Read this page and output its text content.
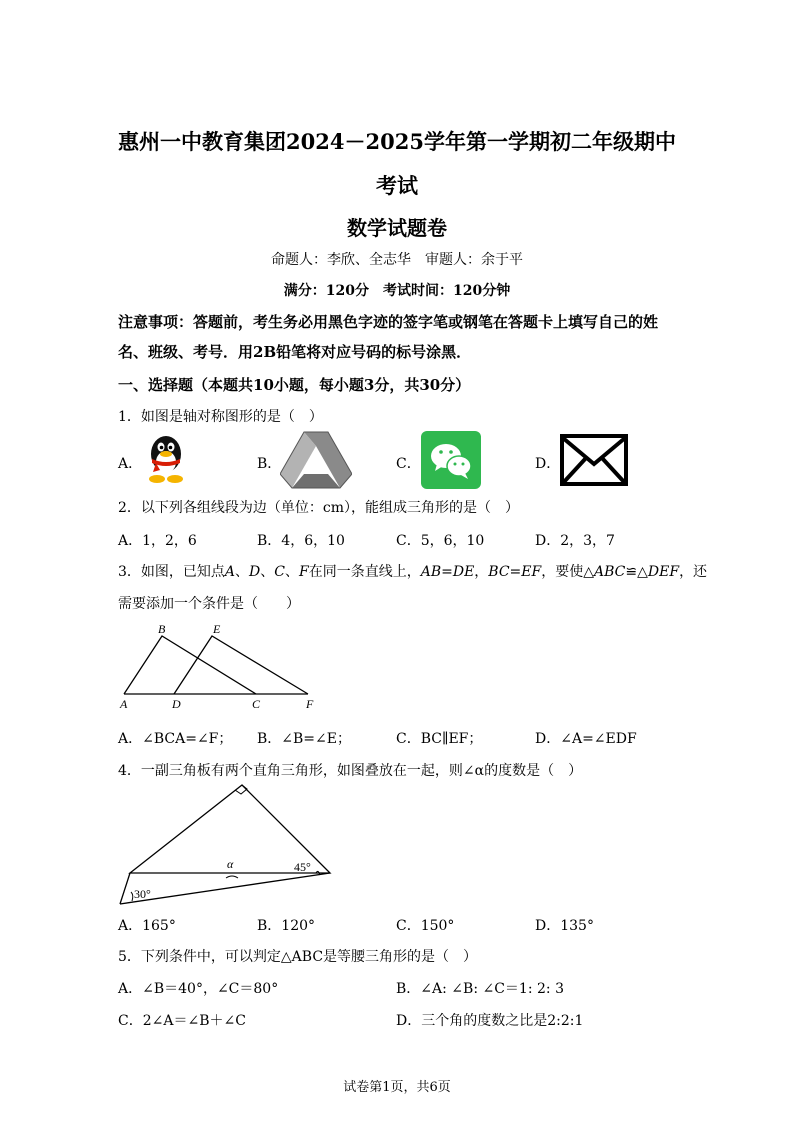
惠州一中教育集团2024－2025学年第一学期初二年级期中
考试
数学试题卷
命题人：李欣、全志华　审题人：余于平
满分：120分　考试时间：120分钟
注意事项：答题前，考生务必用黑色字迹的签字笔或钢笔在答题卡上填写自己的姓名、班级、考号．用2B铅笔将对应号码的标号涂黑．
一、选择题（本题共10小题，每小题3分，共30分）
1．如图是轴对称图形的是（　）
A．	B．	C．	D．
2．以下列各组线段为边（单位：cm），能组成三角形的是（　）
A．1，2，6	B．4，6，10	C．5，6，10	D．2，3，7
3．如图，已知点A、D、C、F在同一条直线上，AB=DE，BC=EF，要使△ABC≌△DEF，还
需要添加一个条件是（　　）
B	E
A	D	C	F
A．∠BCA=∠F； B．∠B=∠E；	C．BC∥EF；	D．∠A=∠EDF
4．一副三角板有两个直角三角形，如图叠放在一起，则∠α的度数是（　）
α	45°
30°
A．165°	B．120°	C．150°	D．135°
5．下列条件中，可以判定△ABC是等腰三角形的是（　）
A．∠B＝40°，∠C＝80°	B．∠A: ∠B: ∠C＝1: 2: 3
C．2∠A＝∠B＋∠C	D．三个角的度数之比是2:2:1
试卷第1页，共6页
